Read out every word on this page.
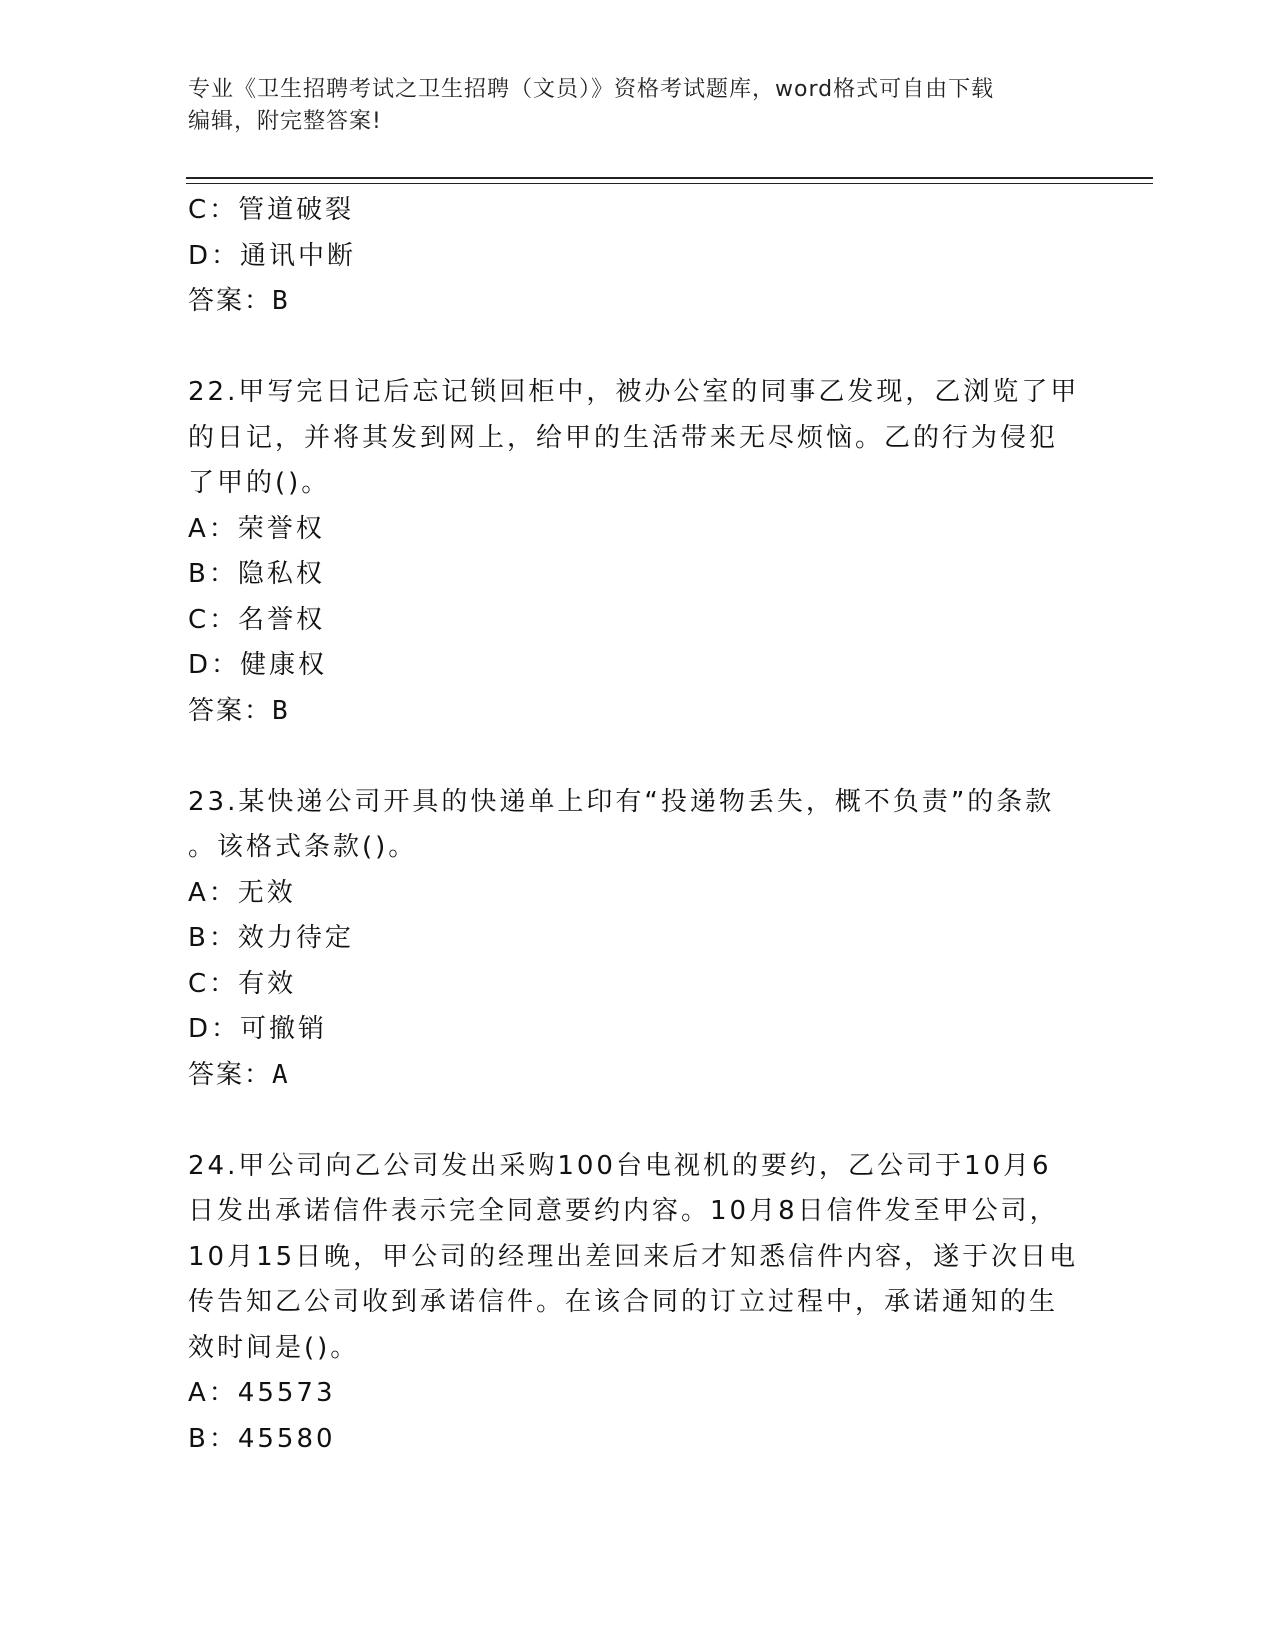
专业《卫生招聘考试之卫生招聘（文员）》资格考试题库，word格式可自由下载
编辑，附完整答案!
C：管道破裂
D：通讯中断
答案：B
22.甲写完日记后忘记锁回柜中，被办公室的同事乙发现，乙浏览了甲
的日记，并将其发到网上，给甲的生活带来无尽烦恼。乙的行为侵犯
了甲的()。
A：荣誉权
B：隐私权
C：名誉权
D：健康权
答案：B
23.某快递公司开具的快递单上印有“投递物丢失，概不负责”的条款
。该格式条款()。
A：无效
B：效力待定
C：有效
D：可撤销
答案：A
24.甲公司向乙公司发出采购100台电视机的要约，乙公司于10月6
日发出承诺信件表示完全同意要约内容。10月8日信件发至甲公司，
10月15日晚，甲公司的经理出差回来后才知悉信件内容，遂于次日电
传告知乙公司收到承诺信件。在该合同的订立过程中，承诺通知的生
效时间是()。
A：45573
B：45580
